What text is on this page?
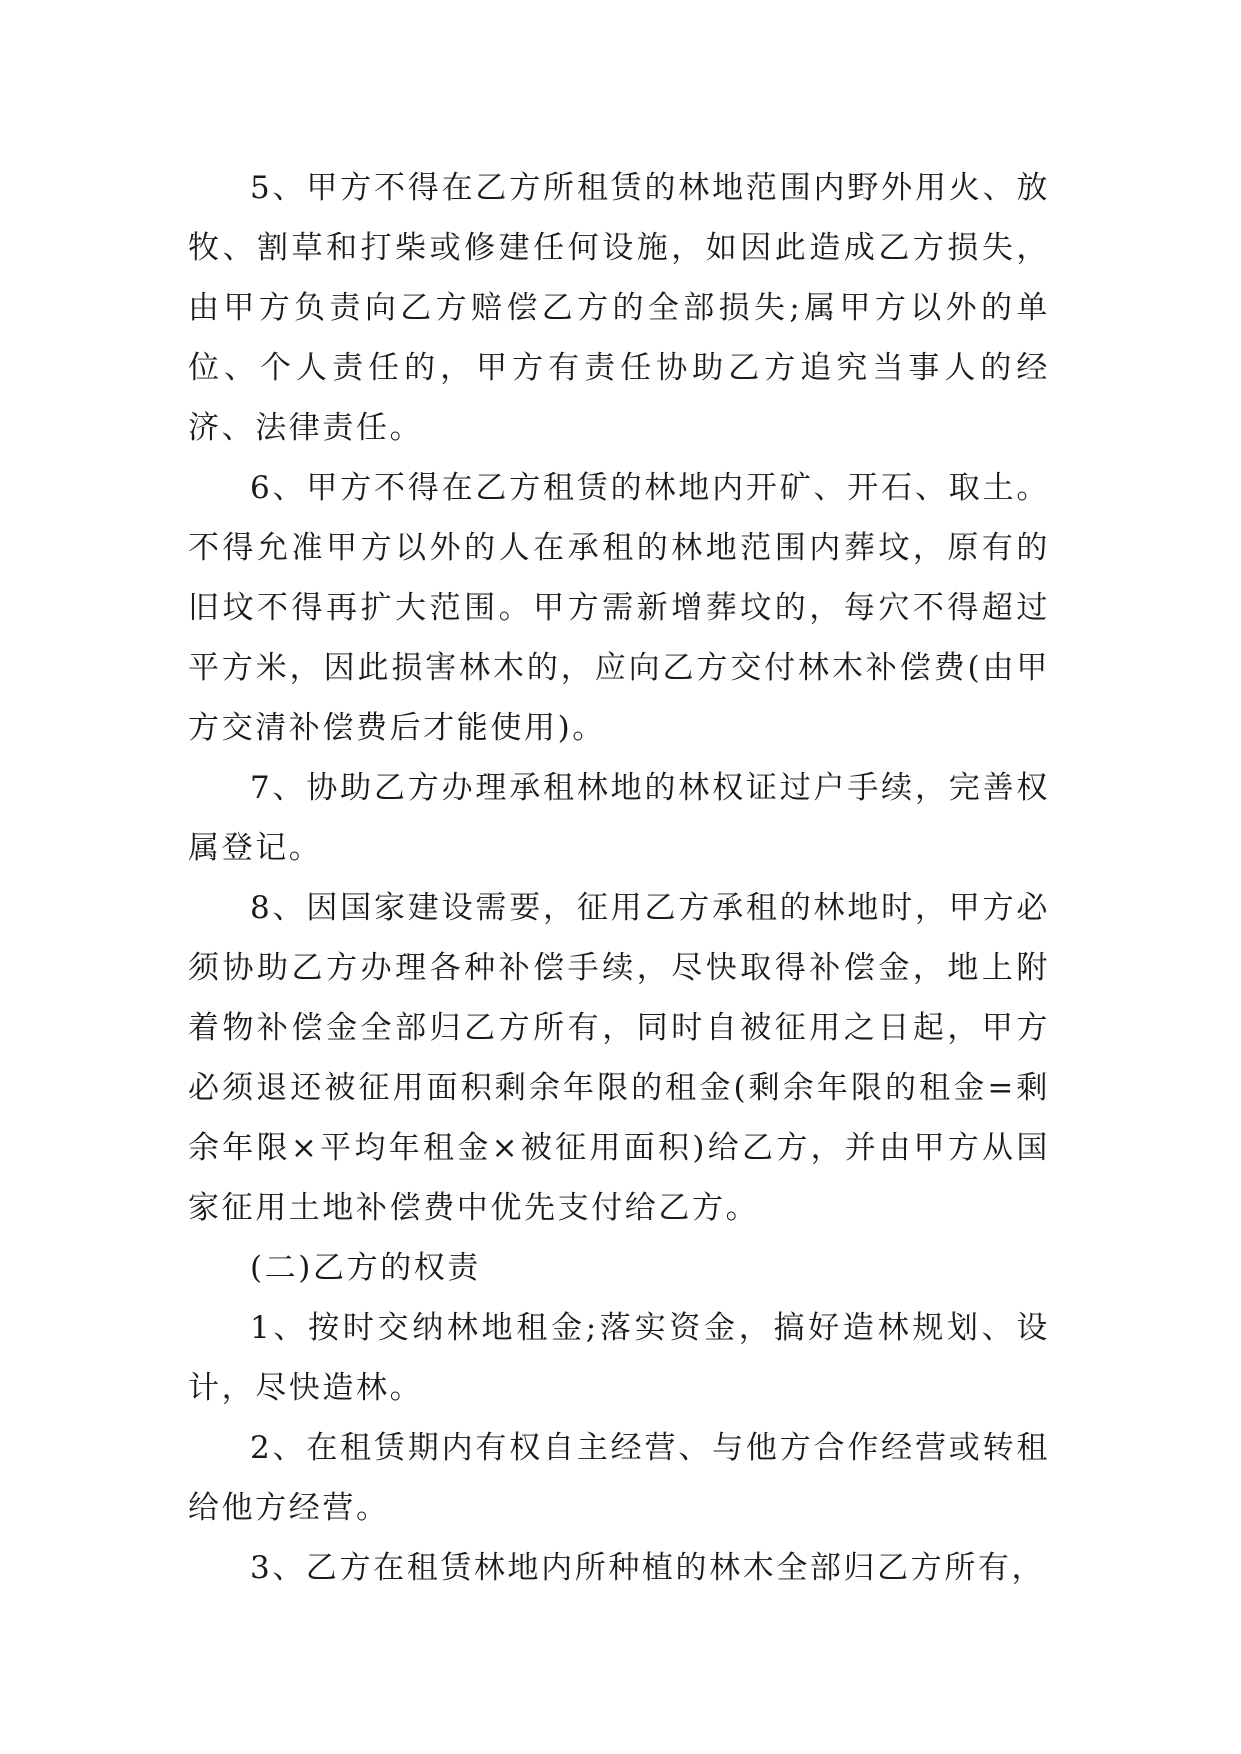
5、甲方不得在乙方所租赁的林地范围内野外用火、放牧、割草和打柴或修建任何设施，如因此造成乙方损失，由甲方负责向乙方赔偿乙方的全部损失;属甲方以外的单位、个人责任的，甲方有责任协助乙方追究当事人的经济、法律责任。

6、甲方不得在乙方租赁的林地内开矿、开石、取土。不得允准甲方以外的人在承租的林地范围内葬坟，原有的旧坟不得再扩大范围。甲方需新增葬坟的，每穴不得超过平方米，因此损害林木的，应向乙方交付林木补偿费(由甲方交清补偿费后才能使用)。

7、协助乙方办理承租林地的林权证过户手续，完善权属登记。

8、因国家建设需要，征用乙方承租的林地时，甲方必须协助乙方办理各种补偿手续，尽快取得补偿金，地上附着物补偿金全部归乙方所有，同时自被征用之日起，甲方必须退还被征用面积剩余年限的租金(剩余年限的租金=剩余年限×平均年租金×被征用面积)给乙方，并由甲方从国家征用土地补偿费中优先支付给乙方。

(二)乙方的权责

1、按时交纳林地租金;落实资金，搞好造林规划、设计，尽快造林。

2、在租赁期内有权自主经营、与他方合作经营或转租给他方经营。

3、乙方在租赁林地内所种植的林木全部归乙方所有，
